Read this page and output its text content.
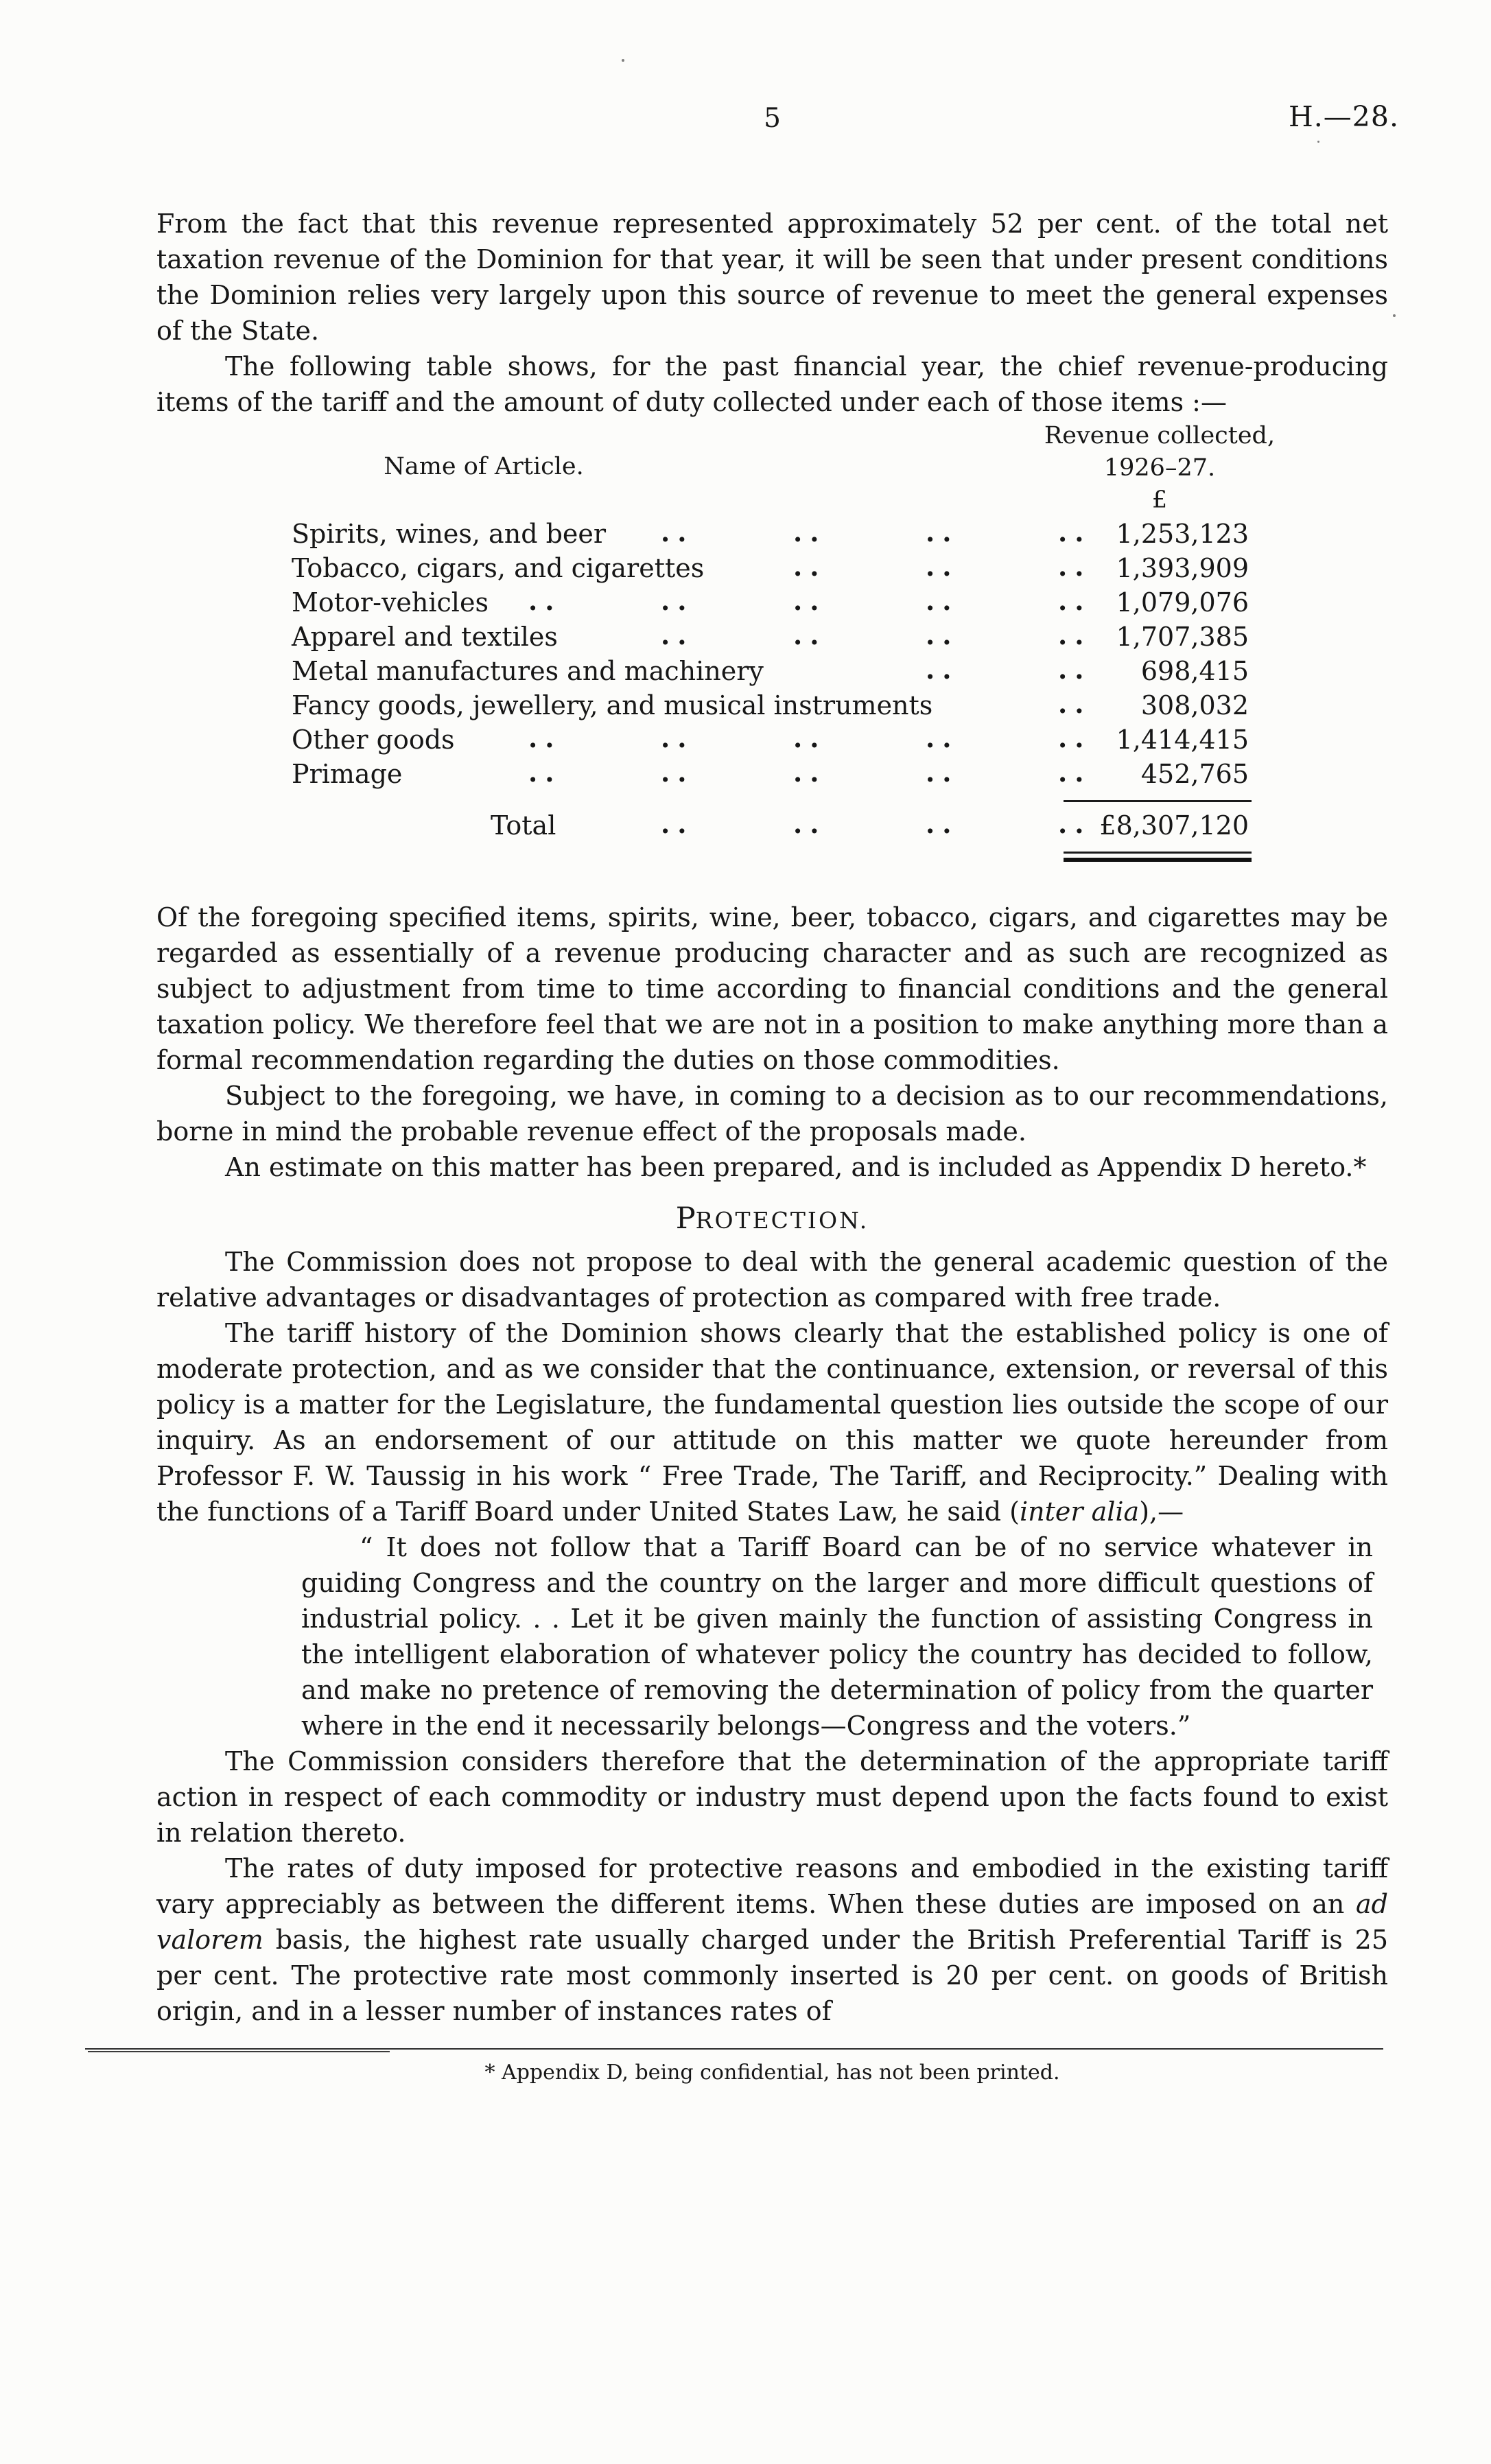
5	H.—28.

From the fact that this revenue represented approximately 52 per cent. of the total net taxation revenue of the Dominion for that year, it will be seen that under present conditions the Dominion relies very largely upon this source of revenue to meet the general expenses of the State.

The following table shows, for the past financial year, the chief revenue-producing items of the tariff and the amount of duty collected under each of those items :—

Name of Article.
Revenue collected,
1926–27.
£
Spirits, wines, and beer ..	..	..	.. 1,253,123
Tobacco, cigars, and cigarettes	..	..	.. 1,393,909
Motor-vehicles ..	..	..	..	.. 1,079,076
Apparel and textiles	..	..	..	.. 1,707,385
Metal manufactures and machinery	..	.. 698,415
Fancy goods, jewellery, and musical instruments	.. 308,032
Other goods	..	..	..	..	.. 1,414,415
Primage	..	..	..	..	.. 452,765
Total	..	..	..	.. £8,307,120

Of the foregoing specified items, spirits, wine, beer, tobacco, cigars, and cigarettes may be regarded as essentially of a revenue producing character and as such are recognized as subject to adjustment from time to time according to financial conditions and the general taxation policy. We therefore feel that we are not in a position to make anything more than a formal recommendation regarding the duties on those commodities.

Subject to the foregoing, we have, in coming to a decision as to our recommendations, borne in mind the probable revenue effect of the proposals made.

An estimate on this matter has been prepared, and is included as Appendix D hereto.*

PROTECTION.

The Commission does not propose to deal with the general academic question of the relative advantages or disadvantages of protection as compared with free trade.

The tariff history of the Dominion shows clearly that the established policy is one of moderate protection, and as we consider that the continuance, extension, or reversal of this policy is a matter for the Legislature, the fundamental question lies outside the scope of our inquiry. As an endorsement of our attitude on this matter we quote hereunder from Professor F. W. Taussig in his work “ Free Trade, The Tariff, and Reciprocity.” Dealing with the functions of a Tariff Board under United States Law, he said (inter alia),—

“ It does not follow that a Tariff Board can be of no service whatever in guiding Congress and the country on the larger and more difficult questions of industrial policy. . . Let it be given mainly the function of assisting Congress in the intelligent elaboration of whatever policy the country has decided to follow, and make no pretence of removing the determination of policy from the quarter where in the end it necessarily belongs—Congress and the voters.”

The Commission considers therefore that the determination of the appropriate tariff action in respect of each commodity or industry must depend upon the facts found to exist in relation thereto.

The rates of duty imposed for protective reasons and embodied in the existing tariff vary appreciably as between the different items. When these duties are imposed on an ad valorem basis, the highest rate usually charged under the British Preferential Tariff is 25 per cent. The protective rate most commonly inserted is 20 per cent. on goods of British origin, and in a lesser number of instances rates of

* Appendix D, being confidential, has not been printed.
